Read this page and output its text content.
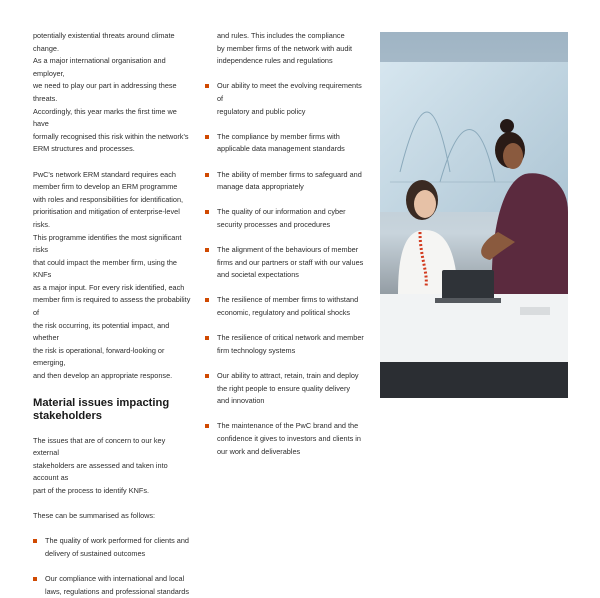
potentially existential threats around climate change.

As a major international organisation and employer,

we need to play our part in addressing these threats.

Accordingly, this year marks the first time we have

formally recognised this risk within the network's

ERM structures and processes.

PwC's network ERM standard requires each

member firm to develop an ERM programme

with roles and responsibilities for identification,

prioritisation and mitigation of enterprise-level risks.

This programme identifies the most significant risks

that could impact the member firm, using the KNFs

as a major input. For every risk identified, each

member firm is required to assess the probability of

the risk occurring, its potential impact, and whether

the risk is operational, forward-looking or emerging,

and then develop an appropriate response.

Material issues impacting
stakeholders

The issues that are of concern to our key external

stakeholders are assessed and taken into account as

part of the process to identify KNFs.

These can be summarised as follows:

The quality of work performed for clients and

delivery of sustained outcomes

Our compliance with international and local

laws, regulations and professional standards

and rules. This includes the compliance

by member firms of the network with audit

independence rules and regulations

Our ability to meet the evolving requirements of

regulatory and public policy

The compliance by member firms with

applicable data management standards

The ability of member firms to safeguard and

manage data appropriately

The quality of our information and cyber

security processes and procedures

The alignment of the behaviours of member

firms and our partners or staff with our values

and societal expectations

The resilience of member firms to withstand

economic, regulatory and political shocks

The resilience of critical network and member

firm technology systems

Our ability to attract, retain, train and deploy

the right people to ensure quality delivery

and innovation

The maintenance of the PwC brand and the

confidence it gives to investors and clients in

our work and deliverables
